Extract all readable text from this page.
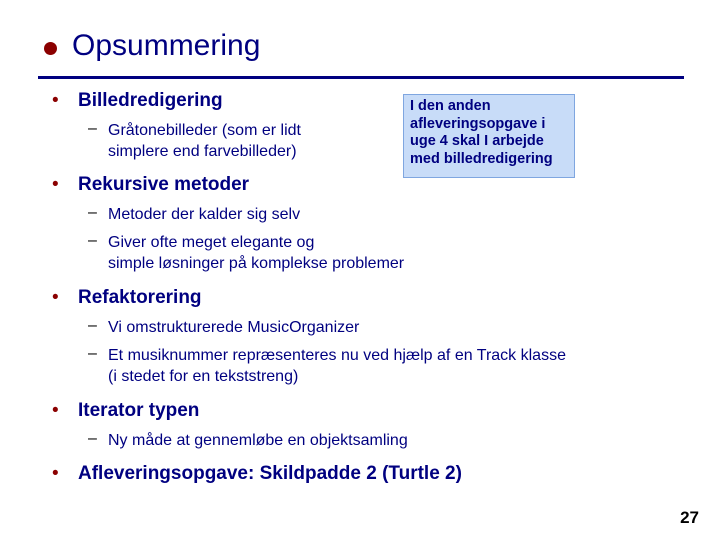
Opsummering
I den anden afleveringsopgave i uge 4 skal I arbejde med billedredigering
• Billedredigering
– Gråtonebilleder (som er lidt
simplere end farvebilleder)
• Rekursive metoder
– Metoder der kalder sig selv
– Giver ofte meget elegante og
simple løsninger på komplekse problemer
• Refaktorering
– Vi omstrukturerede MusicOrganizer
– Et musiknummer repræsenteres nu ved hjælp af en Track klasse
(i stedet for en tekststreng)
• Iterator typen
– Ny måde at gennemløbe en objektsamling
• Afleveringsopgave: Skildpadde 2 (Turtle 2)
27
